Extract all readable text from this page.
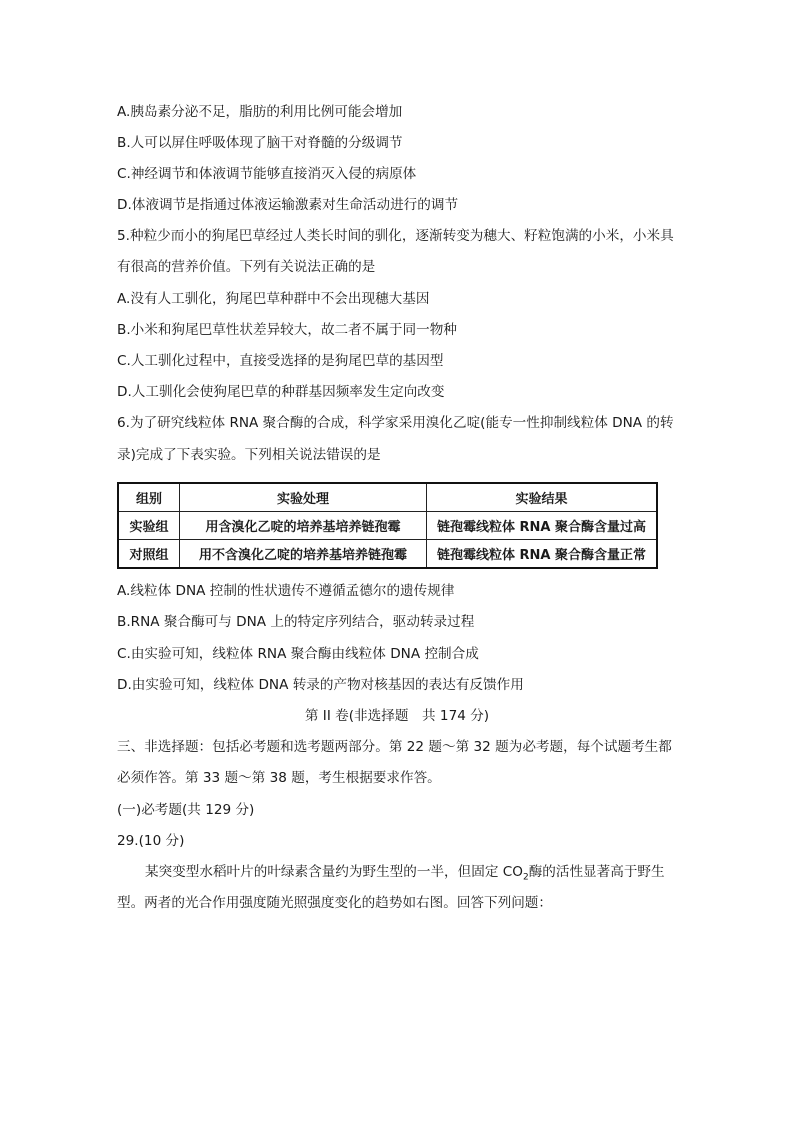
A.胰岛素分泌不足，脂肪的利用比例可能会增加
B.人可以屏住呼吸体现了脑干对脊髓的分级调节
C.神经调节和体液调节能够直接消灭入侵的病原体
D.体液调节是指通过体液运输激素对生命活动进行的调节
5.种粒少而小的狗尾巴草经过人类长时间的驯化，逐渐转变为穗大、籽粒饱满的小米，小米具
有很高的营养价值。下列有关说法正确的是
A.没有人工驯化，狗尾巴草种群中不会出现穗大基因
B.小米和狗尾巴草性状差异较大，故二者不属于同一物种
C.人工驯化过程中，直接受选择的是狗尾巴草的基因型
D.人工驯化会使狗尾巴草的种群基因频率发生定向改变
6.为了研究线粒体 RNA 聚合酶的合成，科学家采用溴化乙啶(能专一性抑制线粒体 DNA 的转
录)完成了下表实验。下列相关说法错误的是
组别	实验处理	实验结果
实验组	用含溴化乙啶的培养基培养链孢霉	链孢霉线粒体 RNA 聚合酶含量过高
对照组	用不含溴化乙啶的培养基培养链孢霉	链孢霉线粒体 RNA 聚合酶含量正常
A.线粒体 DNA 控制的性状遗传不遵循孟德尔的遗传规律
B.RNA 聚合酶可与 DNA 上的特定序列结合，驱动转录过程
C.由实验可知，线粒体 RNA 聚合酶由线粒体 DNA 控制合成
D.由实验可知，线粒体 DNA 转录的产物对核基因的表达有反馈作用
第 II 卷(非选择题　共 174 分)
三、非选择题：包括必考题和选考题两部分。第 22 题～第 32 题为必考题，每个试题考生都
必须作答。第 33 题～第 38 题，考生根据要求作答。
(一)必考题(共 129 分)
29.(10 分)
某突变型水稻叶片的叶绿素含量约为野生型的一半，但固定 $CO_2$酶的活性显著高于野生
型。两者的光合作用强度随光照强度变化的趋势如右图。回答下列问题：
